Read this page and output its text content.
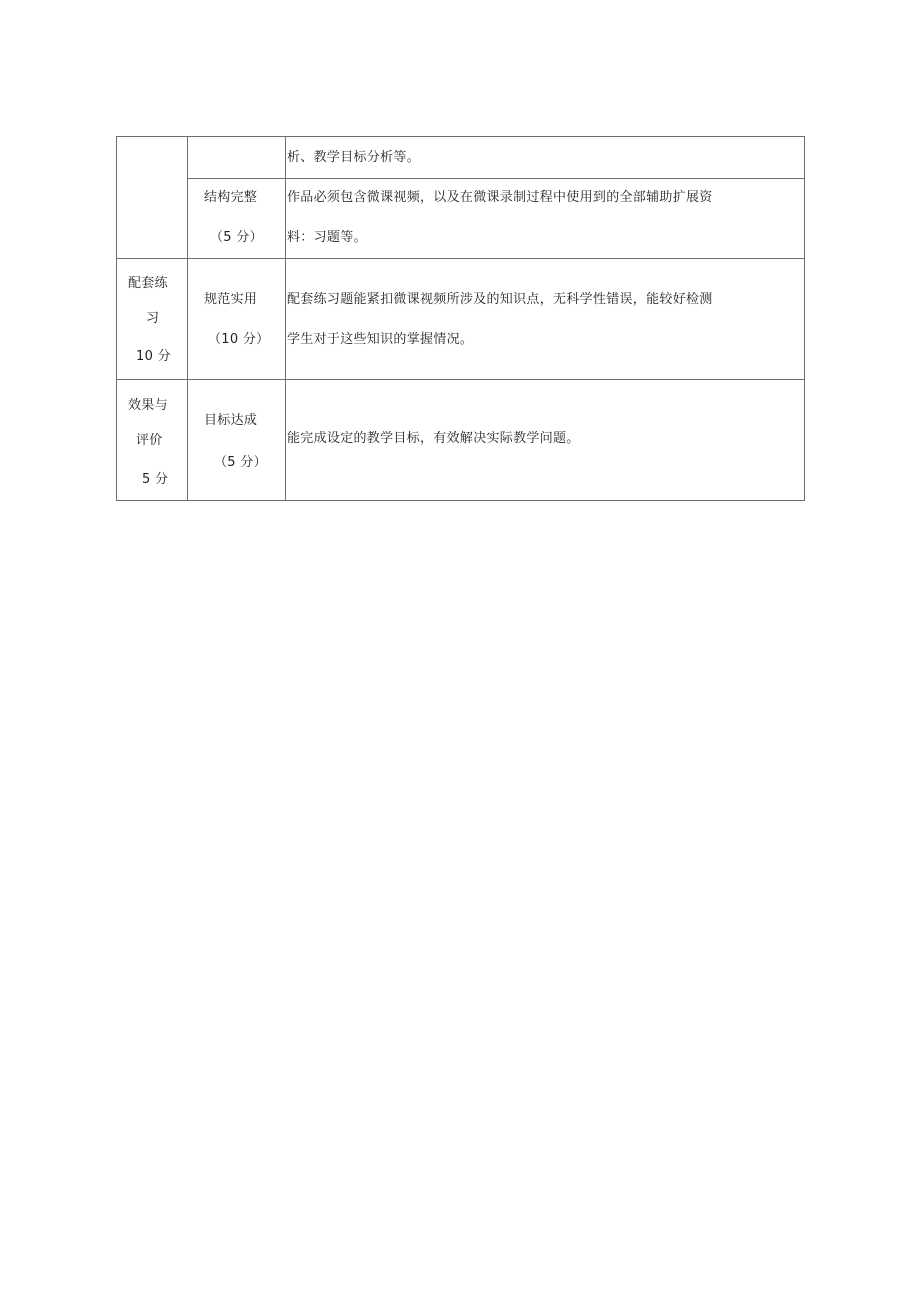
析、教学目标分析等。
结构完整
（5 分）
作品必须包含微课视频，以及在微课录制过程中使用到的全部辅助扩展资
料：习题等。
配套练
习
10 分
规范实用
（10 分）
配套练习题能紧扣微课视频所涉及的知识点，无科学性错误，能较好检测
学生对于这些知识的掌握情况。
效果与
评价
5 分
目标达成
（5 分）
能完成设定的教学目标，有效解决实际教学问题。
